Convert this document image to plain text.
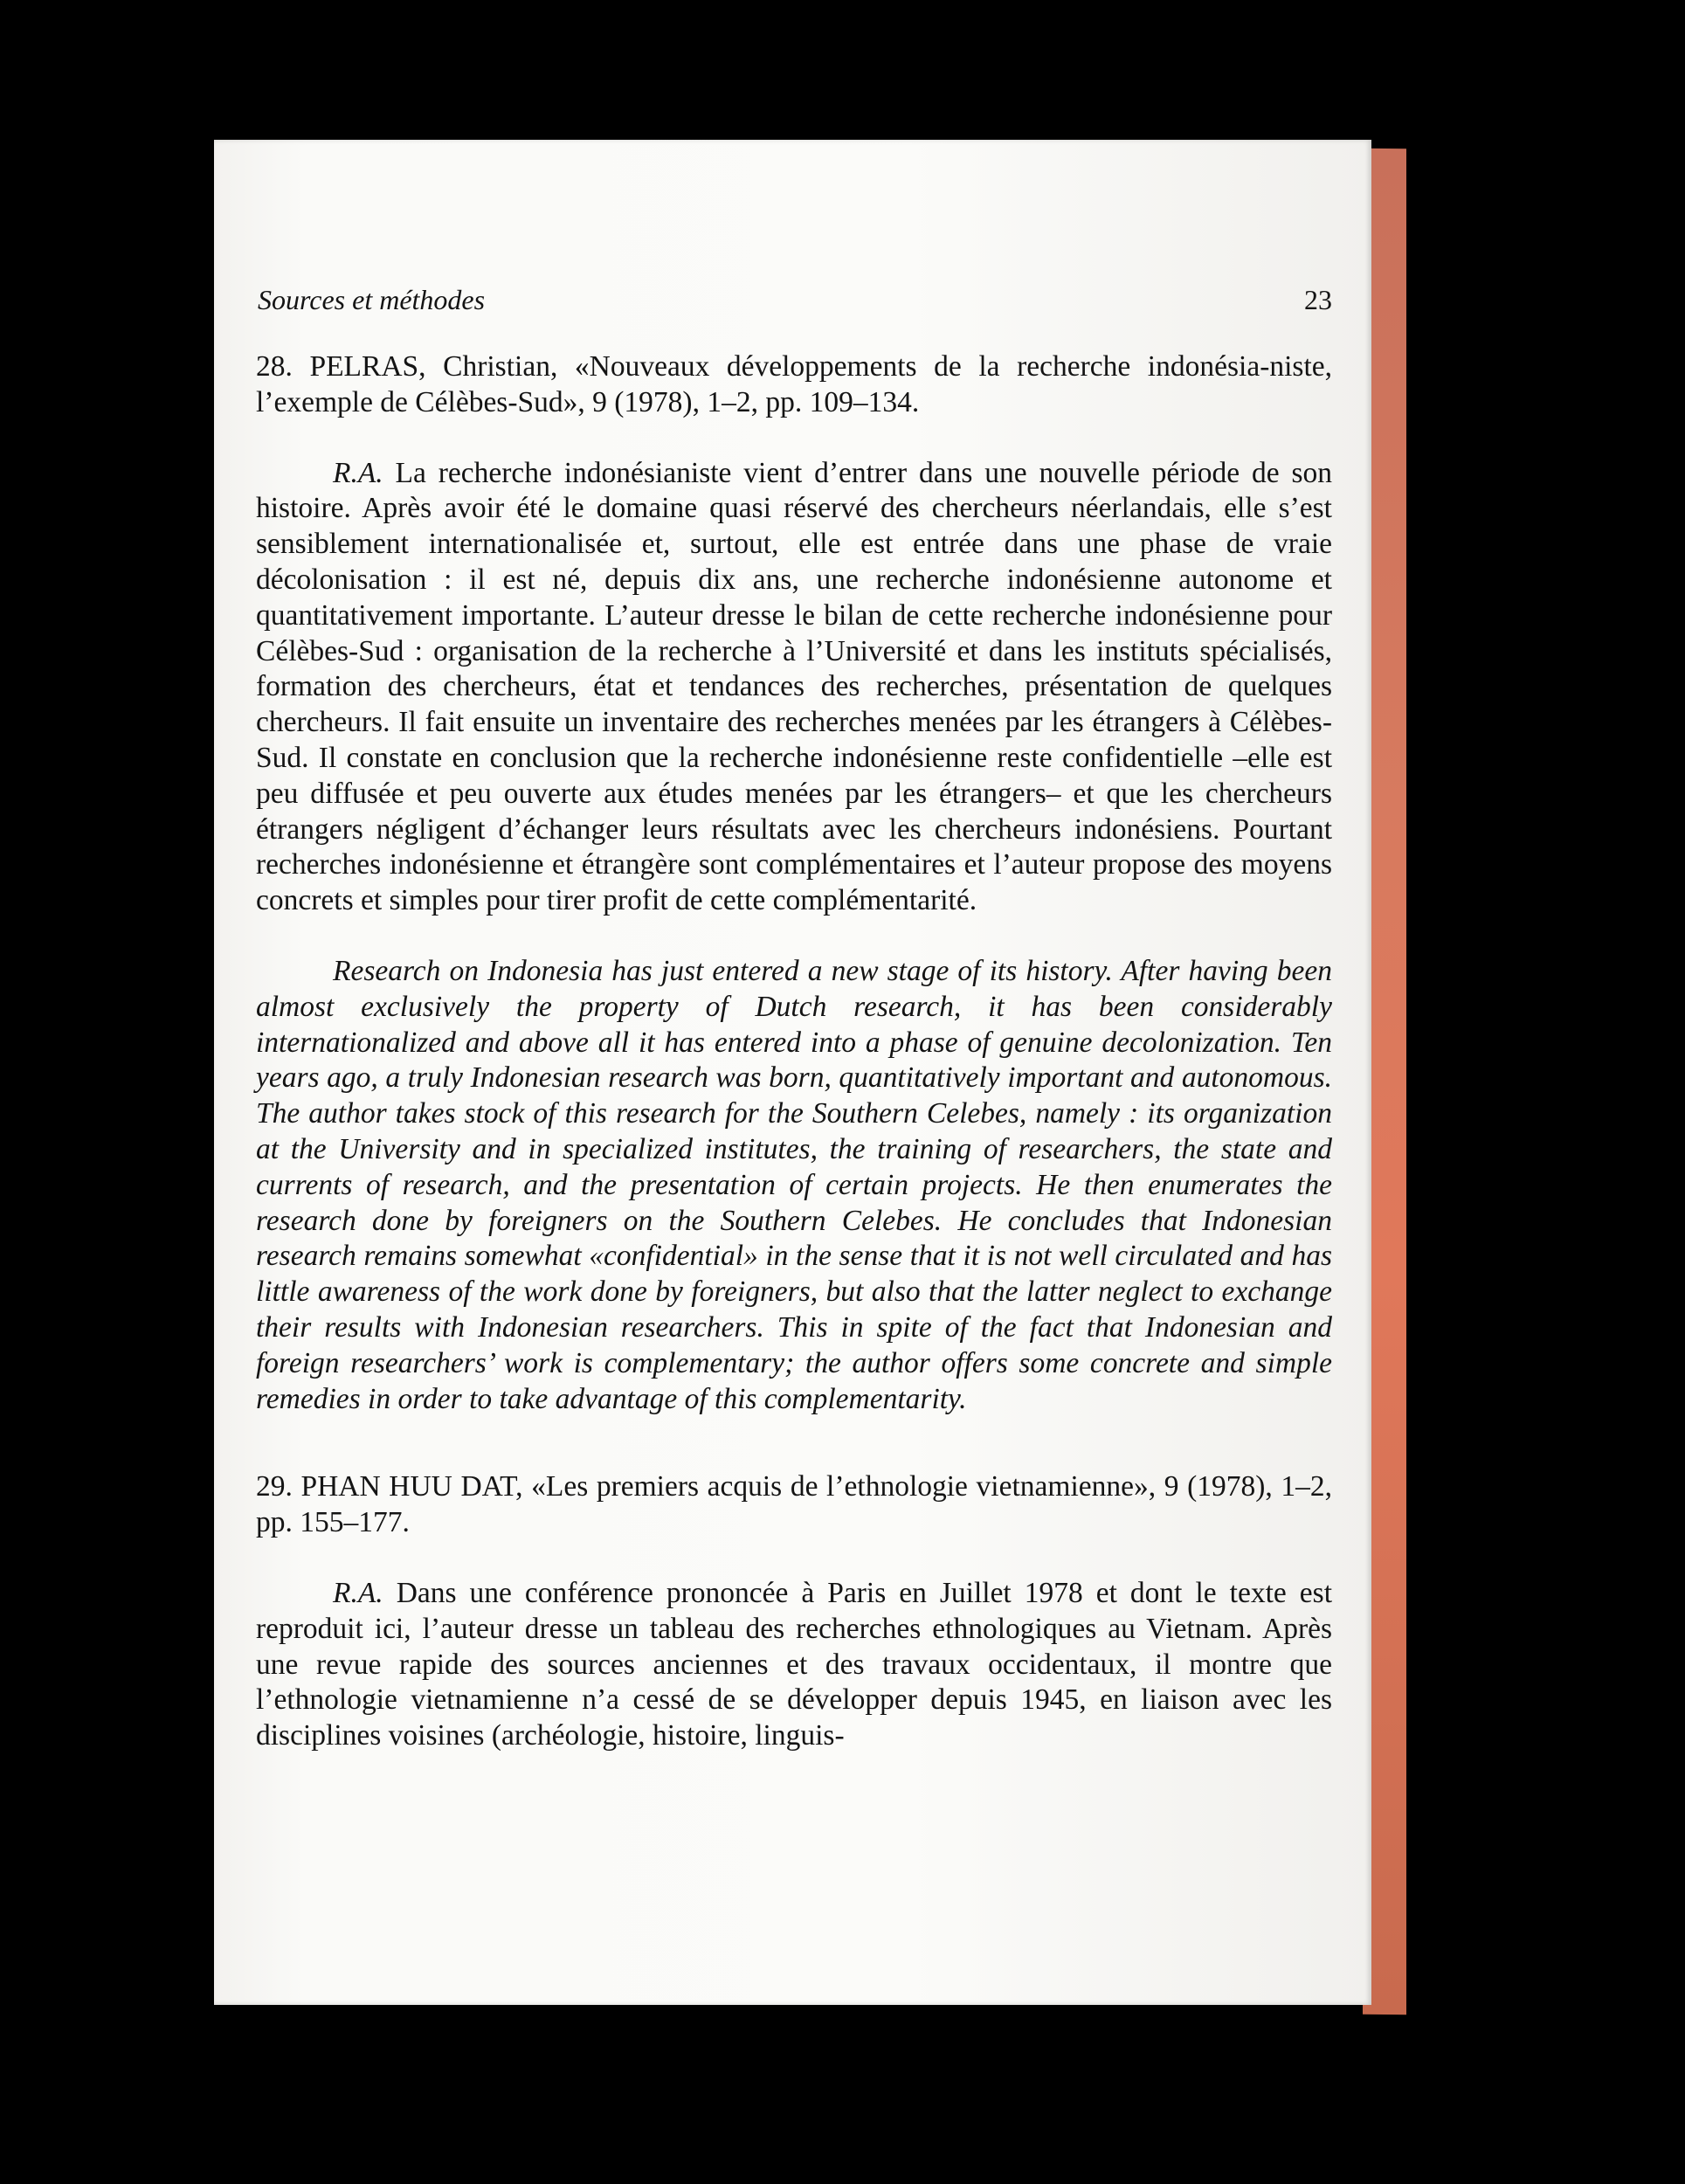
Sources et méthodes	23

28. PELRAS, Christian, «Nouveaux développements de la recherche indonésia-niste, l’exemple de Célèbes-Sud», 9 (1978), 1–2, pp. 109–134.

R.A. La recherche indonésianiste vient d’entrer dans une nouvelle période de son histoire. Après avoir été le domaine quasi réservé des chercheurs néerlandais, elle s’est sensiblement internationalisée et, surtout, elle est entrée dans une phase de vraie décolonisation : il est né, depuis dix ans, une recherche indonésienne autonome et quantitativement importante. L’auteur dresse le bilan de cette recherche indonésienne pour Célèbes-Sud : organisation de la recherche à l’Université et dans les instituts spécialisés, formation des chercheurs, état et tendances des recherches, présentation de quelques chercheurs. Il fait ensuite un inventaire des recherches menées par les étrangers à Célèbes-Sud. Il constate en conclusion que la recherche indonésienne reste confidentielle –elle est peu diffusée et peu ouverte aux études menées par les étrangers– et que les chercheurs étrangers négligent d’échanger leurs résultats avec les chercheurs indonésiens. Pourtant recherches indonésienne et étrangère sont complémentaires et l’auteur propose des moyens concrets et simples pour tirer profit de cette complémentarité.

Research on Indonesia has just entered a new stage of its history. After having been almost exclusively the property of Dutch research, it has been considerably internationalized and above all it has entered into a phase of genuine decolonization. Ten years ago, a truly Indonesian research was born, quantitatively important and autonomous. The author takes stock of this research for the Southern Celebes, namely : its organization at the University and in specialized institutes, the training of researchers, the state and currents of research, and the presentation of certain projects. He then enumerates the research done by foreigners on the Southern Celebes. He concludes that Indonesian research remains somewhat «confidential» in the sense that it is not well circulated and has little awareness of the work done by foreigners, but also that the latter neglect to exchange their results with Indonesian researchers. This in spite of the fact that Indonesian and foreign researchers’ work is complementary; the author offers some concrete and simple remedies in order to take advantage of this complementarity.

29. PHAN HUU DAT, «Les premiers acquis de l’ethnologie vietnamienne», 9 (1978), 1–2, pp. 155–177.

R.A. Dans une conférence prononcée à Paris en Juillet 1978 et dont le texte est reproduit ici, l’auteur dresse un tableau des recherches ethnologiques au Vietnam. Après une revue rapide des sources anciennes et des travaux occidentaux, il montre que l’ethnologie vietnamienne n’a cessé de se développer depuis 1945, en liaison avec les disciplines voisines (archéologie, histoire, linguis-
